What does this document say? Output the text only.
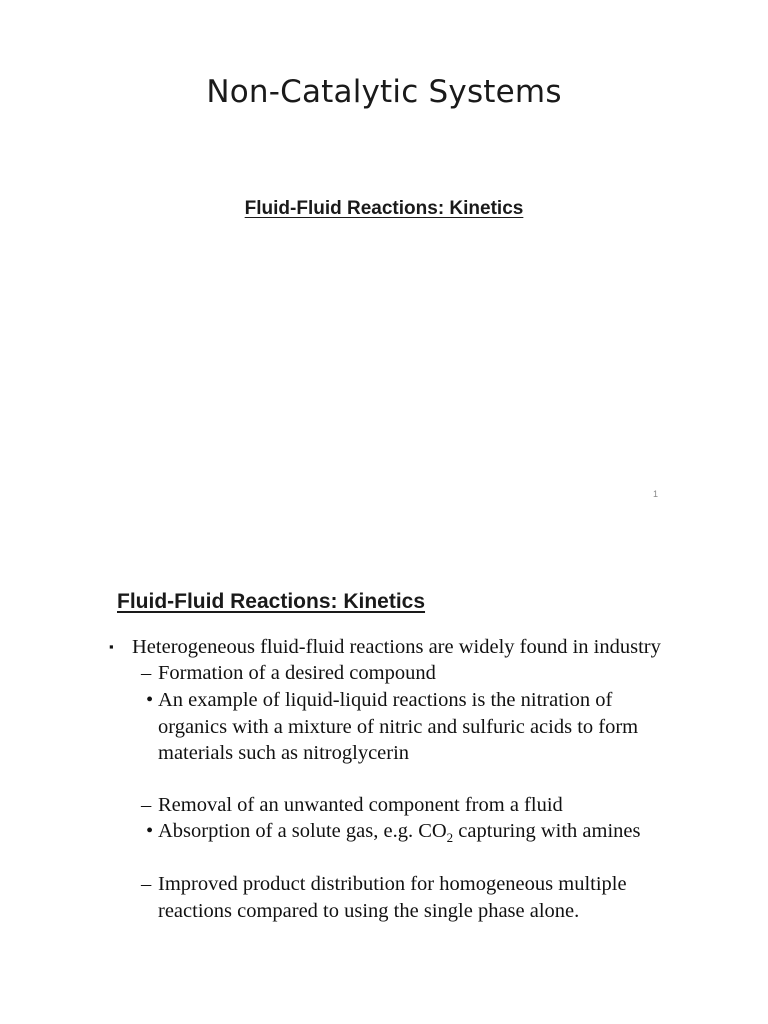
Non-Catalytic Systems
Fluid-Fluid Reactions: Kinetics
1
Fluid-Fluid Reactions: Kinetics
▪ Heterogeneous fluid-fluid reactions are widely found in industry
– Formation of a desired compound
• An example of liquid-liquid reactions is the nitration of
organics with a mixture of nitric and sulfuric acids to form
materials such as nitroglycerin
– Removal of an unwanted component from a fluid
• Absorption of a solute gas, e.g. $CO_2$ capturing with amines
– Improved product distribution for homogeneous multiple
reactions compared to using the single phase alone.
